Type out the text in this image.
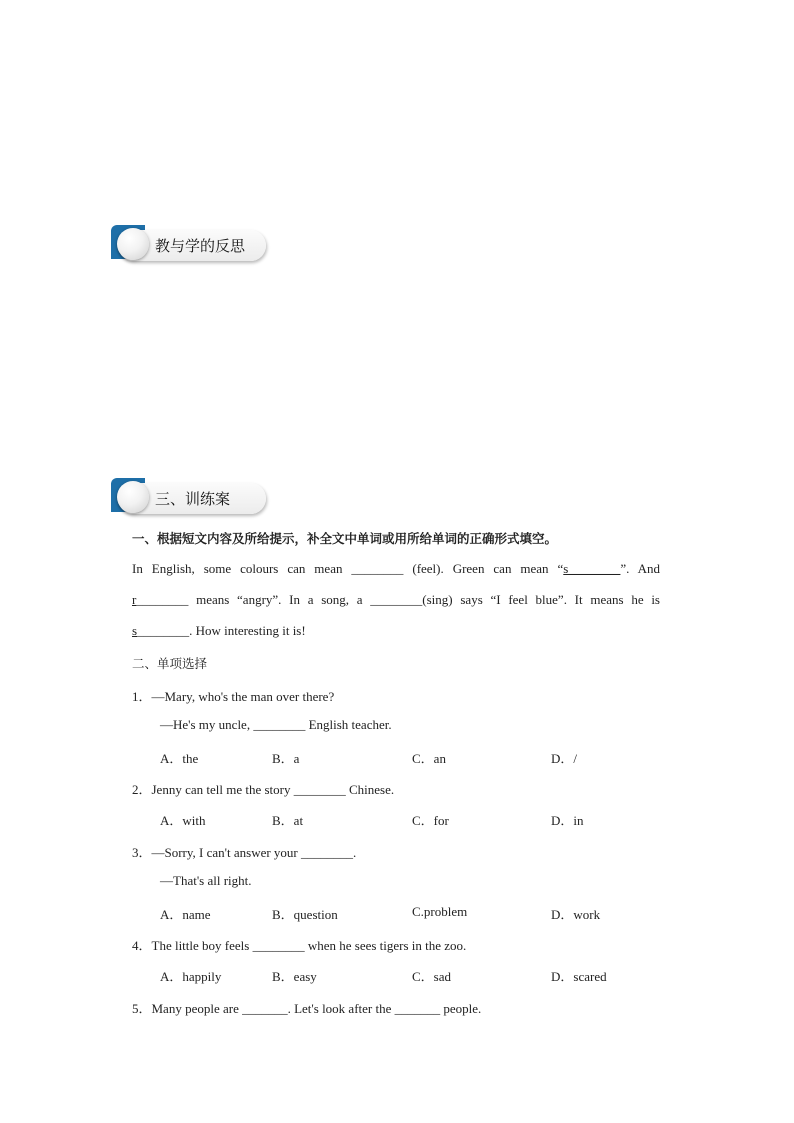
教与学的反思
三、训练案
一、根据短文内容及所给提示，补全文中单词或用所给单词的正确形式填空。
In English, some colours can mean ________ (feel). Green can mean “s________”. And
r________ means “angry”. In a song, a ________(sing) says “I feel blue”. It means he is
s________. How interesting it is!
二、单项选择
1．—Mary, who's the man over there?
—He's my uncle, ________ English teacher.
A．the	B．a	C．an	D．/
2．Jenny can tell me the story ________ Chinese.
A．with	B．at	C．for	D．in
3．—Sorry, I can't answer your ________.
—That's all right.
A．name	B．question	C.problem	D．work
4．The little boy feels ________ when he sees tigers in the zoo.
A．happily	B．easy	C．sad	D．scared
5．Many people are _______. Let's look after the _______ people.
